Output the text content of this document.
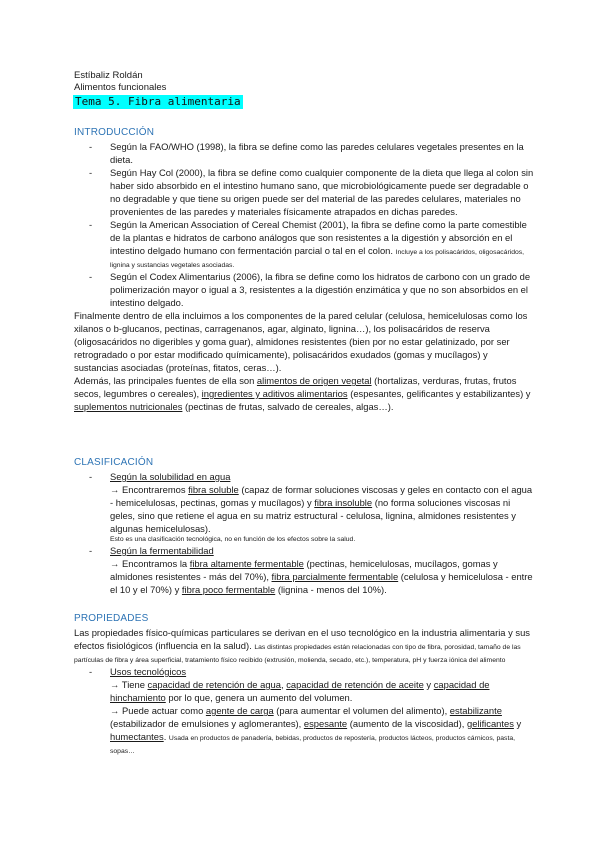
Estíbaliz Roldán
Alimentos funcionales
Tema 5. Fibra alimentaria
INTRODUCCIÓN
- Según la FAO/WHO (1998), la fibra se define como las paredes celulares vegetales presentes en la dieta.
- Según Hay Col (2000), la fibra se define como cualquier componente de la dieta que llega al colon sin haber sido absorbido en el intestino humano sano, que microbiológicamente puede ser degradable o no degradable y que tiene su origen puede ser del material de las paredes celulares, materiales no provenientes de las paredes y materiales físicamente atrapados en dichas paredes.
- Según la American Association of Cereal Chemist (2001), la fibra se define como la parte comestible de la plantas e hidratos de carbono análogos que son resistentes a la digestión y absorción en el intestino delgado humano con fermentación parcial o tal en el colon. Incluye a los polisacáridos, oligosacáridos, lignina y sustancias vegetales asociadas.
- Según el Codex Alimentarius (2006), la fibra se define como los hidratos de carbono con un grado de polimerización mayor o igual a 3, resistentes a la digestión enzimática y que no son absorbidos en el intestino delgado.

Finalmente dentro de ella incluimos a los componentes de la pared celular (celulosa, hemicelulosas como los xilanos o b-glucanos, pectinas, carragenanos, agar, alginato, lignina…), los polisacáridos de reserva (oligosacáridos no digeribles y goma guar), almidones resistentes (bien por no estar gelatinizado, por ser retrogradado o por estar modificado químicamente), polisacáridos exudados (gomas y mucílagos) y sustancias asociadas (proteínas, fitatos, ceras…).

Además, las principales fuentes de ella son alimentos de origen vegetal (hortalizas, verduras, frutas, frutos secos, legumbres o cereales), ingredientes y aditivos alimentarios (espesantes, gelificantes y estabilizantes) y suplementos nutricionales (pectinas de frutas, salvado de cereales, algas…).

CLASIFICACIÓN
- Según la solubilidad en agua
→ Encontraremos fibra soluble (capaz de formar soluciones viscosas y geles en contacto con el agua - hemicelulosas, pectinas, gomas y mucílagos) y fibra insoluble (no forma soluciones viscosas ni geles, sino que retiene el agua en su matriz estructural - celulosa, lignina, almidones resistentes y algunas hemicelulosas).
Esto es una clasificación tecnológica, no en función de los efectos sobre la salud.
- Según la fermentabilidad
→ Encontramos la fibra altamente fermentable (pectinas, hemicelulosas, mucílagos, gomas y almidones resistentes - más del 70%), fibra parcialmente fermentable (celulosa y hemicelulosa - entre el 10 y el 70%) y fibra poco fermentable (lignina - menos del 10%).
PROPIEDADES

Las propiedades físico-químicas particulares se derivan en el uso tecnológico en la industria alimentaria y sus efectos fisiológicos (influencia en la salud). Las distintas propiedades están relacionadas con tipo de fibra, porosidad, tamaño de las partículas de fibra y área superficial, tratamiento físico recibido (extrusión, molienda, secado, etc.), temperatura, pH y fuerza iónica del alimento

- Usos tecnológicos
→ Tiene capacidad de retención de agua, capacidad de retención de aceite y capacidad de hinchamiento por lo que, genera un aumento del volumen.
→ Puede actuar como agente de carga (para aumentar el volumen del alimento), estabilizante (estabilizador de emulsiones y aglomerantes), espesante (aumento de la viscosidad), gelificantes y humectantes. Usada en productos de panadería, bebidas, productos de repostería, productos lácteos, productos cárnicos, pasta, sopas…
